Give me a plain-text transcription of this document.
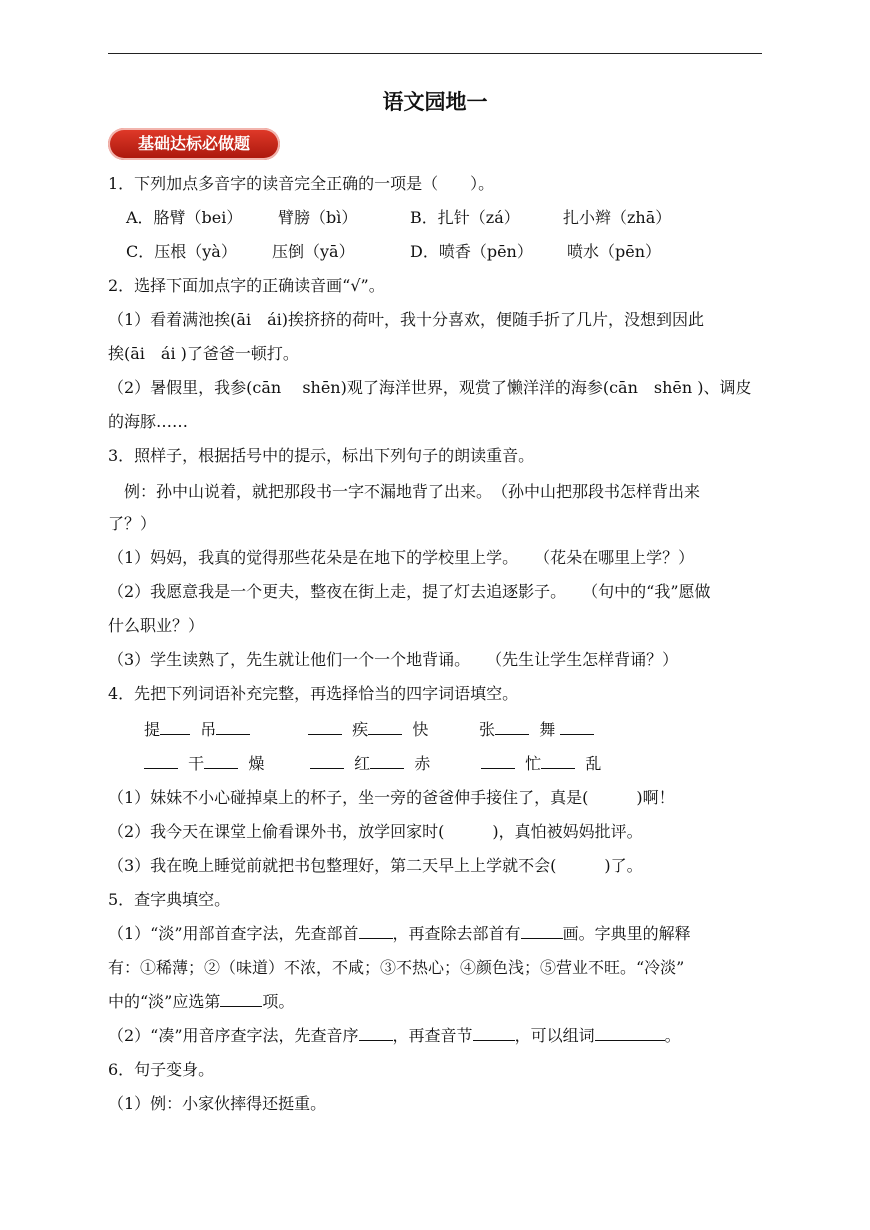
语文园地一
基础达标必做题
1．下列加点多音字的读音完全正确的一项是（　　）。
A．胳臂（bei） 臂膀（bì）	B．扎针（zá）	扎小辫（zhā）
C．压根（yà） 压倒（yā）	D．喷香（pēn） 喷水（pēn）
2．选择下面加点字的正确读音画“√”。
（1）看着满池挨(āi　ái)挨挤挤的荷叶，我十分喜欢，便随手折了几片，没想到因此
挨(āi　ái )了爸爸一顿打。
（2）暑假里，我参(cān　 shēn)观了海洋世界，观赏了懒洋洋的海参(cān　shēn )、调皮
的海豚……
3．照样子，根据括号中的提示，标出下列句子的朗读重音。
例：孙中山说着，就把那段书一字不漏地背了出来。　（孙中山把那段书怎样背出来
了？）
（1）妈妈，我真的觉得那些花朵是在地下的学校里上学。　　（花朵在哪里上学？）
（2）我愿意我是一个更夫，整夜在街上走，提了灯去追逐影子。　　（句中的“我”愿做
什么职业？）
（3）学生读熟了，先生就让他们一个一个地背诵。　　（先生让学生怎样背诵？）
4．先把下列词语补充完整，再选择恰当的四字词语填空。
提	吊	疾	快	张	舞
干	燥	红	赤	忙	乱
（1）妹妹不小心碰掉桌上的杯子，坐一旁的爸爸伸手接住了，真是(　　　)啊！
（2）我今天在课堂上偷看课外书，放学回家时(　　　)，真怕被妈妈批评。
（3）我在晚上睡觉前就把书包整理好，第二天早上上学就不会(　　　)了。
5．查字典填空。
（1）“淡”用部首查字法，先查部首 ，再查除去部首有	画。字典里的解释
有：①稀薄；②（味道）不浓，不咸；③不热心；④颜色浅；⑤营业不旺。“冷淡”
中的“淡”应选第	项。
（2）“凑”用音序查字法，先查音序 ，再查音节	，可以组词	。
6．句子变身。
（1）例：小家伙摔得还挺重。
